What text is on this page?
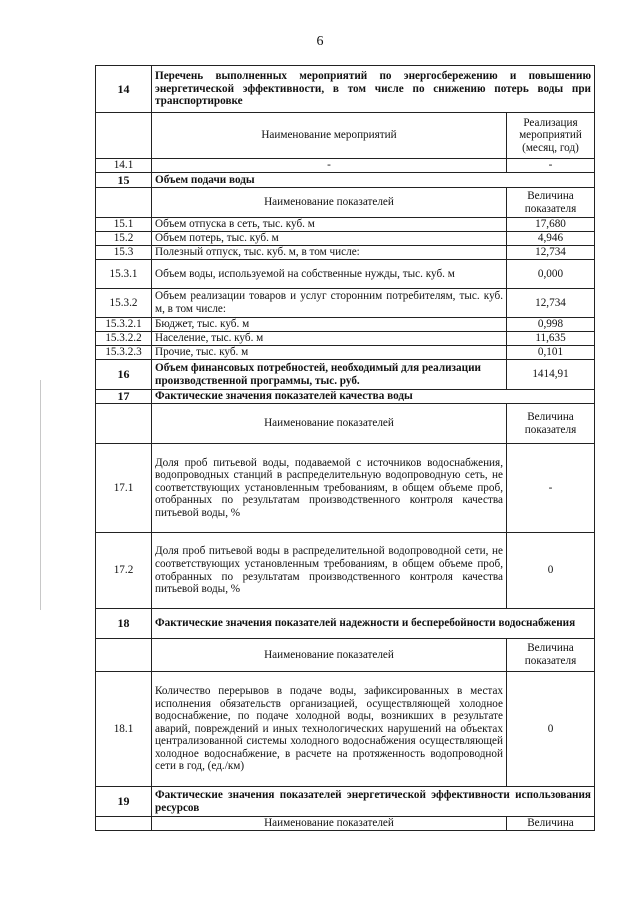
6
14	Перечень выполненных мероприятий по энергосбережению и повышению энергетической эффективности, в том числе по снижению потерь воды при транспортировке	
	Наименование мероприятий	Реализация мероприятий (месяц, год)
14.1	-	-
15	Объем подачи воды	
	Наименование показателей	Величина показателя
15.1	Объем отпуска в сеть, тыс. куб. м	17,680
15.2	Объем потерь, тыс. куб. м	4,946
15.3	Полезный отпуск, тыс. куб. м, в том числе:	12,734
15.3.1	Объем воды, используемой на собственные нужды, тыс. куб. м	0,000
15.3.2	Объем реализации товаров и услуг сторонним потребителям, тыс. куб. м, в том числе:	12,734
15.3.2.1	Бюджет, тыс. куб. м	0,998
15.3.2.2	Население, тыс. куб. м	11,635
15.3.2.3	Прочие, тыс. куб. м	0,101
16	Объем финансовых потребностей, необходимый для реализации производственной программы, тыс. руб.	1414,91
17	Фактические значения показателей качества воды	
	Наименование показателей	Величина показателя
17.1	Доля проб питьевой воды, подаваемой с источников водоснабжения, водопроводных станций в распределительную водопроводную сеть, не соответствующих установленным требованиям, в общем объеме проб, отобранных по результатам производственного контроля качества питьевой воды, %	-
17.2	Доля проб питьевой воды в распределительной водопроводной сети, не соответствующих установленным требованиям, в общем объеме проб, отобранных по результатам производственного контроля качества питьевой воды, %	0
18	Фактические значения показателей надежности и бесперебойности водоснабжения	
	Наименование показателей	Величина показателя
18.1	Количество перерывов в подаче воды, зафиксированных в местах исполнения обязательств организацией, осуществляющей холодное водоснабжение, по подаче холодной воды, возникших в результате аварий, повреждений и иных технологических нарушений на объектах централизованной системы холодного водоснабжения осуществляющей холодное водоснабжение, в расчете на протяженность водопроводной сети в год, (ед./км)	0
19	Фактические значения показателей энергетической эффективности использования ресурсов	
	Наименование показателей	Величина
